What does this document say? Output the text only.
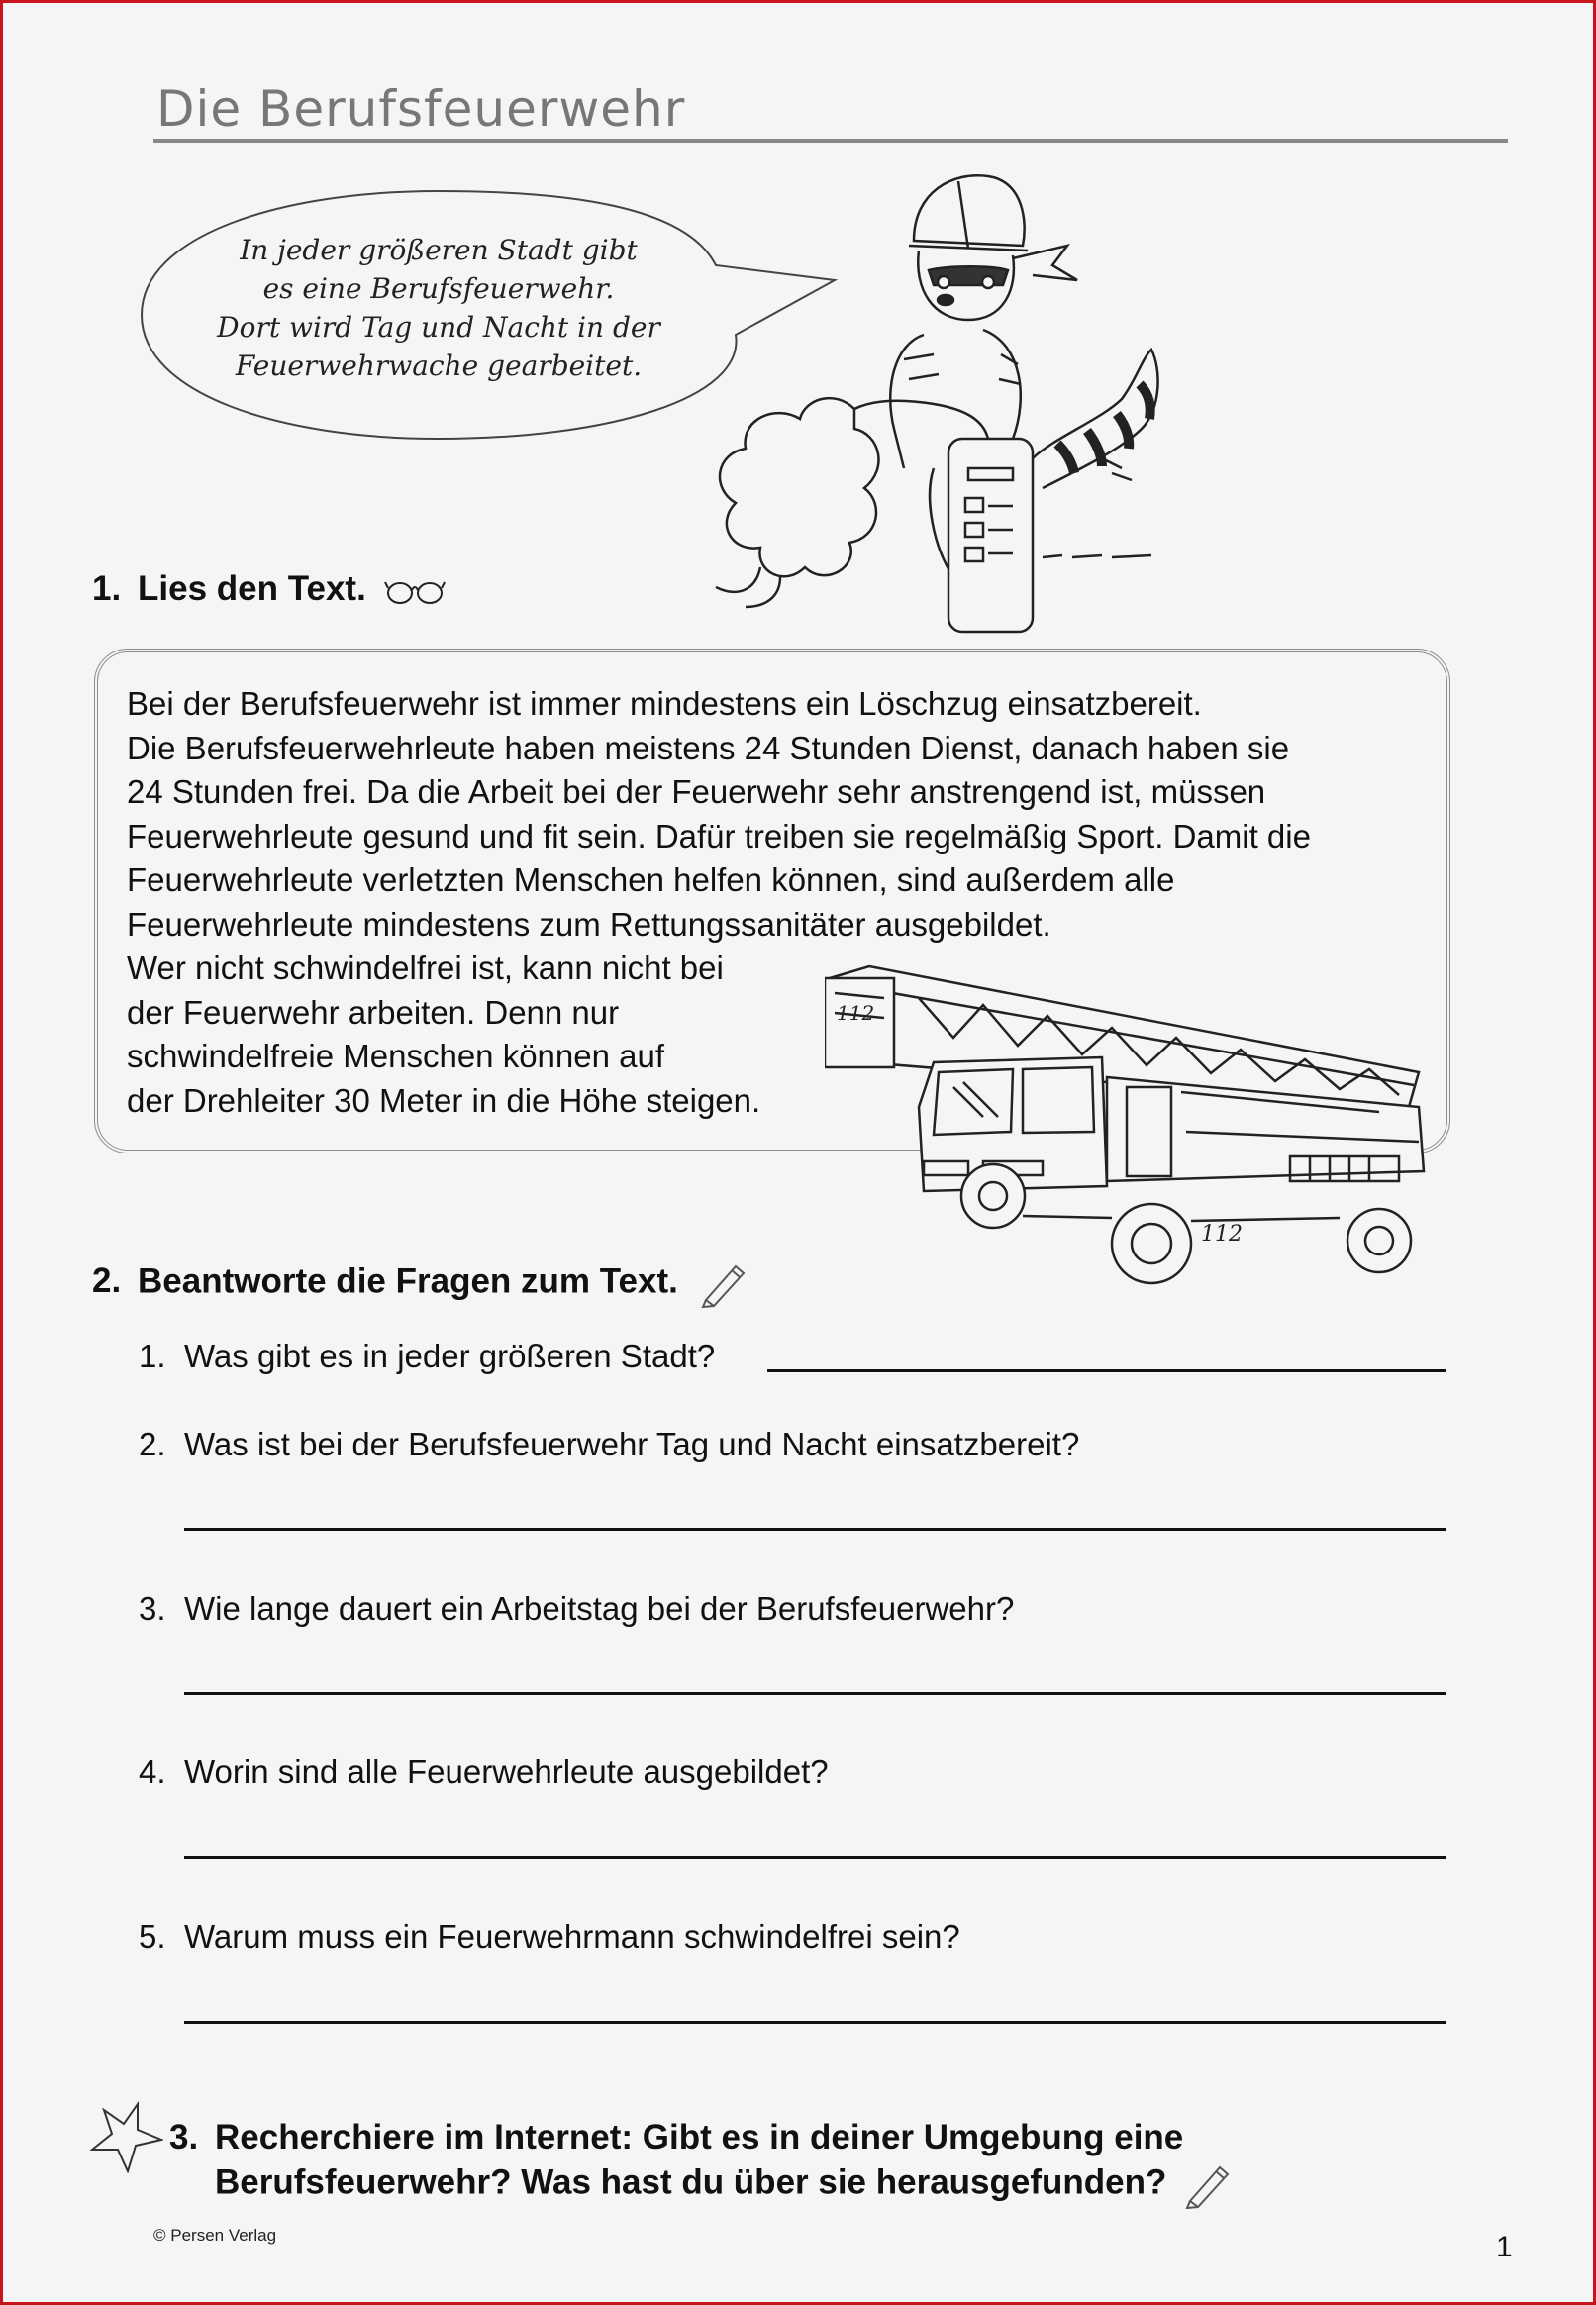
Die Berufsfeuerwehr
In jeder größeren Stadt gibt
es eine Berufsfeuerwehr.
Dort wird Tag und Nacht in der
Feuerwehrwache gearbeitet.
1. Lies den Text.
Bei der Berufsfeuerwehr ist immer mindestens ein Löschzug einsatzbereit.
Die Berufsfeuerwehrleute haben meistens 24 Stunden Dienst, danach haben sie
24 Stunden frei. Da die Arbeit bei der Feuerwehr sehr anstrengend ist, müssen
Feuerwehrleute gesund und fit sein. Dafür treiben sie regelmäßig Sport. Damit die
Feuerwehrleute verletzten Menschen helfen können, sind außerdem alle
Feuerwehrleute mindestens zum Rettungssanitäter ausgebildet.
Wer nicht schwindelfrei ist, kann nicht bei
der Feuerwehr arbeiten. Denn nur
schwindelfreie Menschen können auf
der Drehleiter 30 Meter in die Höhe steigen.
112
112
2. Beantworte die Fragen zum Text.
1. Was gibt es in jeder größeren Stadt?
2. Was ist bei der Berufsfeuerwehr Tag und Nacht einsatzbereit?
3. Wie lange dauert ein Arbeitstag bei der Berufsfeuerwehr?
4. Worin sind alle Feuerwehrleute ausgebildet?
5. Warum muss ein Feuerwehrmann schwindelfrei sein?
3. Recherchiere im Internet: Gibt es in deiner Umgebung eine
Berufsfeuerwehr? Was hast du über sie herausgefunden?
© Persen Verlag	1
